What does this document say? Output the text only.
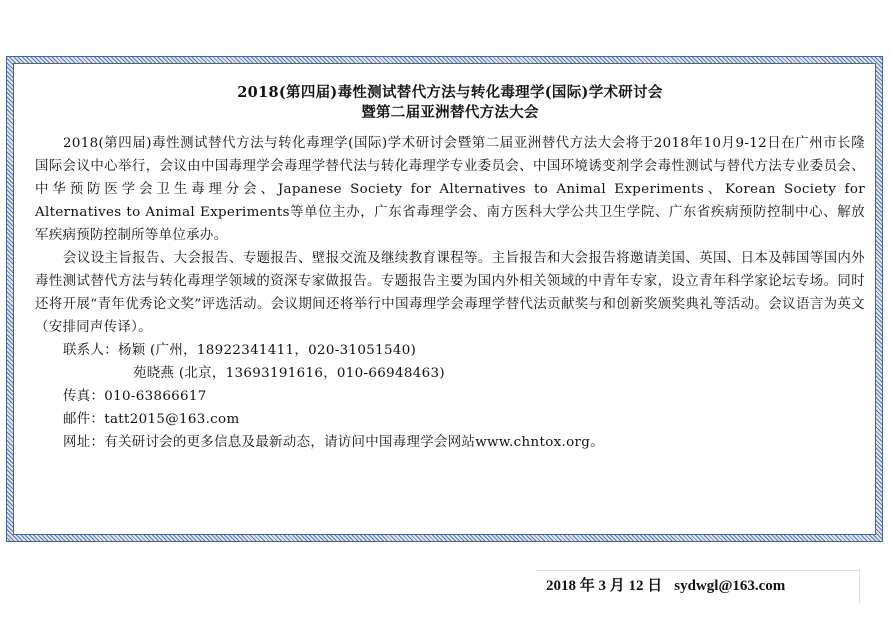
2018(第四届)毒性测试替代方法与转化毒理学(国际)学术研讨会

暨第二届亚洲替代方法大会

2018(第四届)毒性测试替代方法与转化毒理学(国际)学术研讨会暨第二届亚洲替代方法大会将于2018年10月9-12日在广州市长隆国际会议中心举行，会议由中国毒理学会毒理学替代法与转化毒理学专业委员会、中国环境诱变剂学会毒性测试与替代方法专业委员会、中华预防医学会卫生毒理分会、Japanese Society for Alternatives to Animal Experiments、Korean Society for Alternatives to Animal Experiments等单位主办，广东省毒理学会、南方医科大学公共卫生学院、广东省疾病预防控制中心、解放军疾病预防控制所等单位承办。

会议设主旨报告、大会报告、专题报告、壁报交流及继续教育课程等。主旨报告和大会报告将邀请美国、英国、日本及韩国等国内外毒性测试替代方法与转化毒理学领域的资深专家做报告。专题报告主要为国内外相关领域的中青年专家，设立青年科学家论坛专场。同时还将开展“青年优秀论文奖”评选活动。会议期间还将举行中国毒理学会毒理学替代法贡献奖与和创新奖颁奖典礼等活动。会议语言为英文（安排同声传译）。

联系人：杨颖 (广州，18922341411，020-31051540)

苑晓燕 (北京，13693191616，010-66948463)

传真：010-63866617

邮件：tatt2015@163.com

网址：有关研讨会的更多信息及最新动态，请访问中国毒理学会网站www.chntox.org。

2018 年 3 月 12 日 sydwgl@163.com
